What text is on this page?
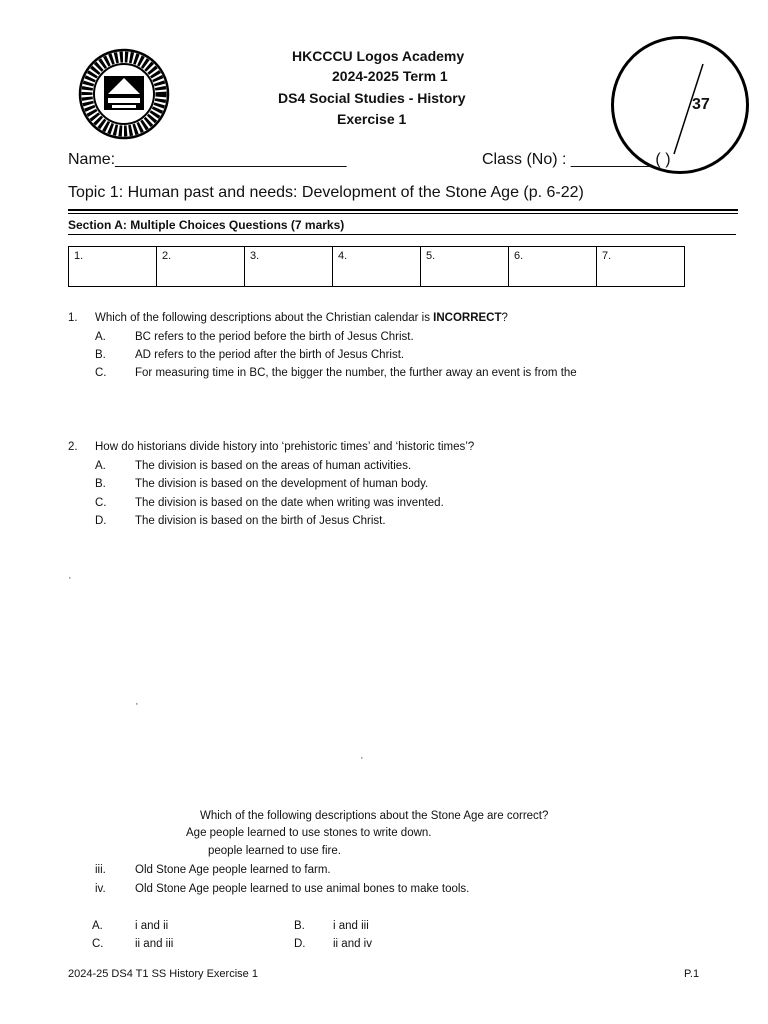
HKCCCU Logos Academy
2024-2025 Term 1
DS4 Social Studies - History
Exercise 1
37
Name:__________________________	Class (No) : _________ ( )
Topic 1: Human past and needs: Development of the Stone Age (p. 6-22)
Section A: Multiple Choices Questions (7 marks)
1.	2.	3.	4.	5.	6.	7.
1. Which of the following descriptions about the Christian calendar is INCORRECT?
A.	BC refers to the period before the birth of Jesus Christ.
B.	AD refers to the period after the birth of Jesus Christ.
C. For measuring time in BC, the bigger the number, the further away an event is from the
2. How do historians divide history into ‘prehistoric times’ and ‘historic times’?
A.	The division is based on the areas of human activities.
B.	The division is based on the development of human body.
C. The division is based on the date when writing was invented.
D. The division is based on the birth of Jesus Christ.
·
·
·
Which of the following descriptions about the Stone Age are correct?
Age people learned to use stones to write down.
people learned to use fire.
iii.	Old Stone Age people learned to farm.
iv.	Old Stone Age people learned to use animal bones to make tools.
A.	i and ii	B. i and iii
C.	ii and iii	D. ii and iv
2024-25 DS4 T1 SS History Exercise 1	P.1
